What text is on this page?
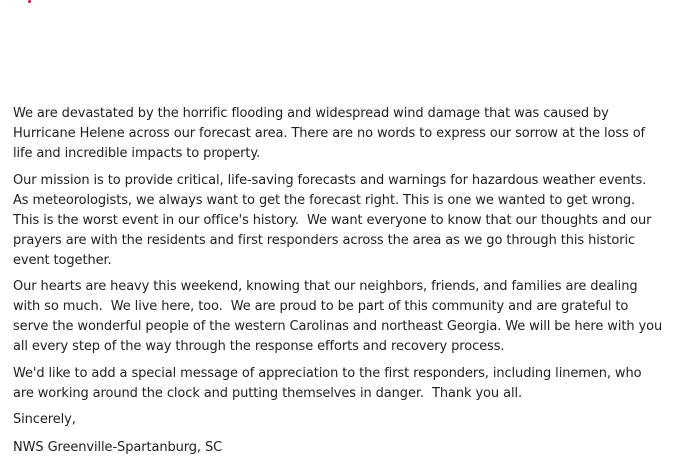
We are devastated by the horrific flooding and widespread wind damage that was caused by Hurricane Helene across our forecast area. There are no words to express our sorrow at the loss of life and incredible impacts to property.

Our mission is to provide critical, life-saving forecasts and warnings for hazardous weather events. As meteorologists, we always want to get the forecast right. This is one we wanted to get wrong. This is the worst event in our office's history.  We want everyone to know that our thoughts and our prayers are with the residents and first responders across the area as we go through this historic event together.

Our hearts are heavy this weekend, knowing that our neighbors, friends, and families are dealing with so much.  We live here, too.  We are proud to be part of this community and are grateful to serve the wonderful people of the western Carolinas and northeast Georgia. We will be here with you all every step of the way through the response efforts and recovery process.

We'd like to add a special message of appreciation to the first responders, including linemen, who are working around the clock and putting themselves in danger.  Thank you all.

Sincerely,

NWS Greenville-Spartanburg, SC
